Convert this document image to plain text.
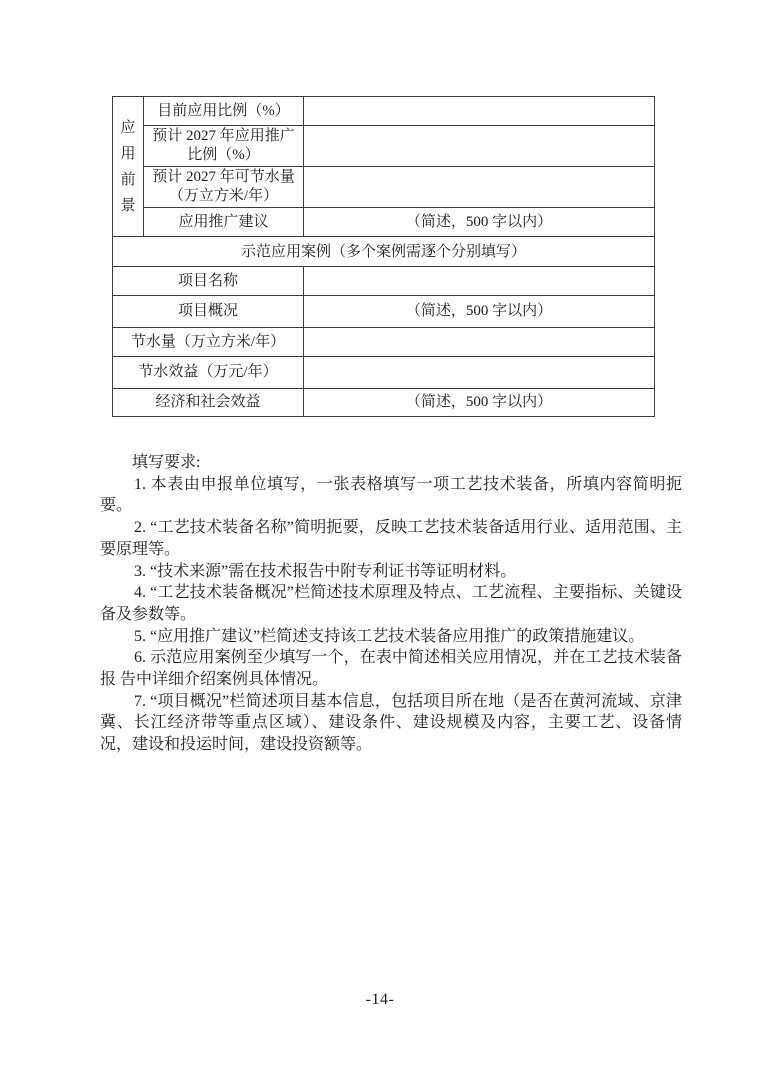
应用前景	目前应用比例（%）	
	预计 2027 年应用推广 比例（%）	
	预计 2027 年可节水量 （万立方米/年）	
	应用推广建议	（简述，500 字以内）
示范应用案例（多个案例需逐个分别填写）		
项目名称		
项目概况		（简述，500 字以内）
节水量（万立方米/年）		
节水效益（万元/年）		
经济和社会效益		（简述，500 字以内）

填写要求:

1. 本表由申报单位填写，一张表格填写一项工艺技术装备，所填内容简明扼要。

2. “工艺技术装备名称”简明扼要，反映工艺技术装备适用行业、适用范围、主要原理等。

3. “技术来源”需在技术报告中附专利证书等证明材料。

4. “工艺技术装备概况”栏简述技术原理及特点、工艺流程、主要指标、关键设备及参数等。

5. “应用推广建议”栏简述支持该工艺技术装备应用推广的政策措施建议。

6. 示范应用案例至少填写一个，在表中简述相关应用情况，并在工艺技术装备报 告中详细介绍案例具体情况。

7. “项目概况”栏简述项目基本信息，包括项目所在地（是否在黄河流域、京津冀、长江经济带等重点区域）、建设条件、建设规模及内容，主要工艺、设备情况，建设和投运时间，建设投资额等。

-14-
